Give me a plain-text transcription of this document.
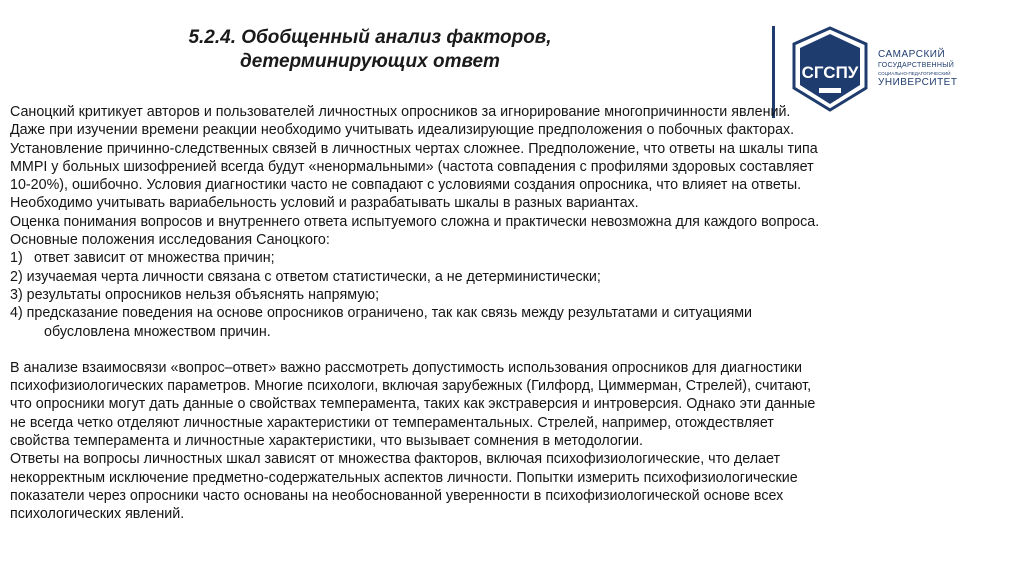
5.2.4. Обобщенный анализ факторов,
детерминирующих ответ
СГСПУ
САМАРСКИЙ
ГОСУДАРСТВЕННЫЙ
СОЦИАЛЬНО-ПЕДАГОГИЧЕСКИЙ
УНИВЕРСИТЕТ

Саноцкий критикует авторов и пользователей личностных опросников за игнорирование многопричинности явлений.

Даже при изучении времени реакции необходимо учитывать идеализирующие предположения о побочных факторах.

Установление причинно-следственных связей в личностных чертах сложнее. Предположение, что ответы на шкалы типа

MMPI у больных шизофренией всегда будут «ненормальными» (частота совпадения с профилями здоровых составляет

10-20%), ошибочно. Условия диагностики часто не совпадают с условиями создания опросника, что влияет на ответы.

Необходимо учитывать вариабельность условий и разрабатывать шкалы в разных вариантах.

Оценка понимания вопросов и внутреннего ответа испытуемого сложна и практически невозможна для каждого вопроса.

Основные положения исследования Саноцкого:

1) ответ зависит от множества причин;

2) изучаемая черта личности связана с ответом статистически, а не детерминистически;

3) результаты опросников нельзя объяснять напрямую;

4) предсказание поведения на основе опросников ограничено, так как связь между результатами и ситуациями

обусловлена множеством причин.

В анализе взаимосвязи «вопрос–ответ» важно рассмотреть допустимость использования опросников для диагностики

психофизиологических параметров. Многие психологи, включая зарубежных (Гилфорд, Циммерман, Стрелей), считают,

что опросники могут дать данные о свойствах темперамента, таких как экстраверсия и интроверсия. Однако эти данные

не всегда четко отделяют личностные характеристики от темпераментальных. Стрелей, например, отождествляет

свойства темперамента и личностные характеристики, что вызывает сомнения в методологии.

Ответы на вопросы личностных шкал зависят от множества факторов, включая психофизиологические, что делает

некорректным исключение предметно-содержательных аспектов личности. Попытки измерить психофизиологические

показатели через опросники часто основаны на необоснованной уверенности в психофизиологической основе всех

психологических явлений.
